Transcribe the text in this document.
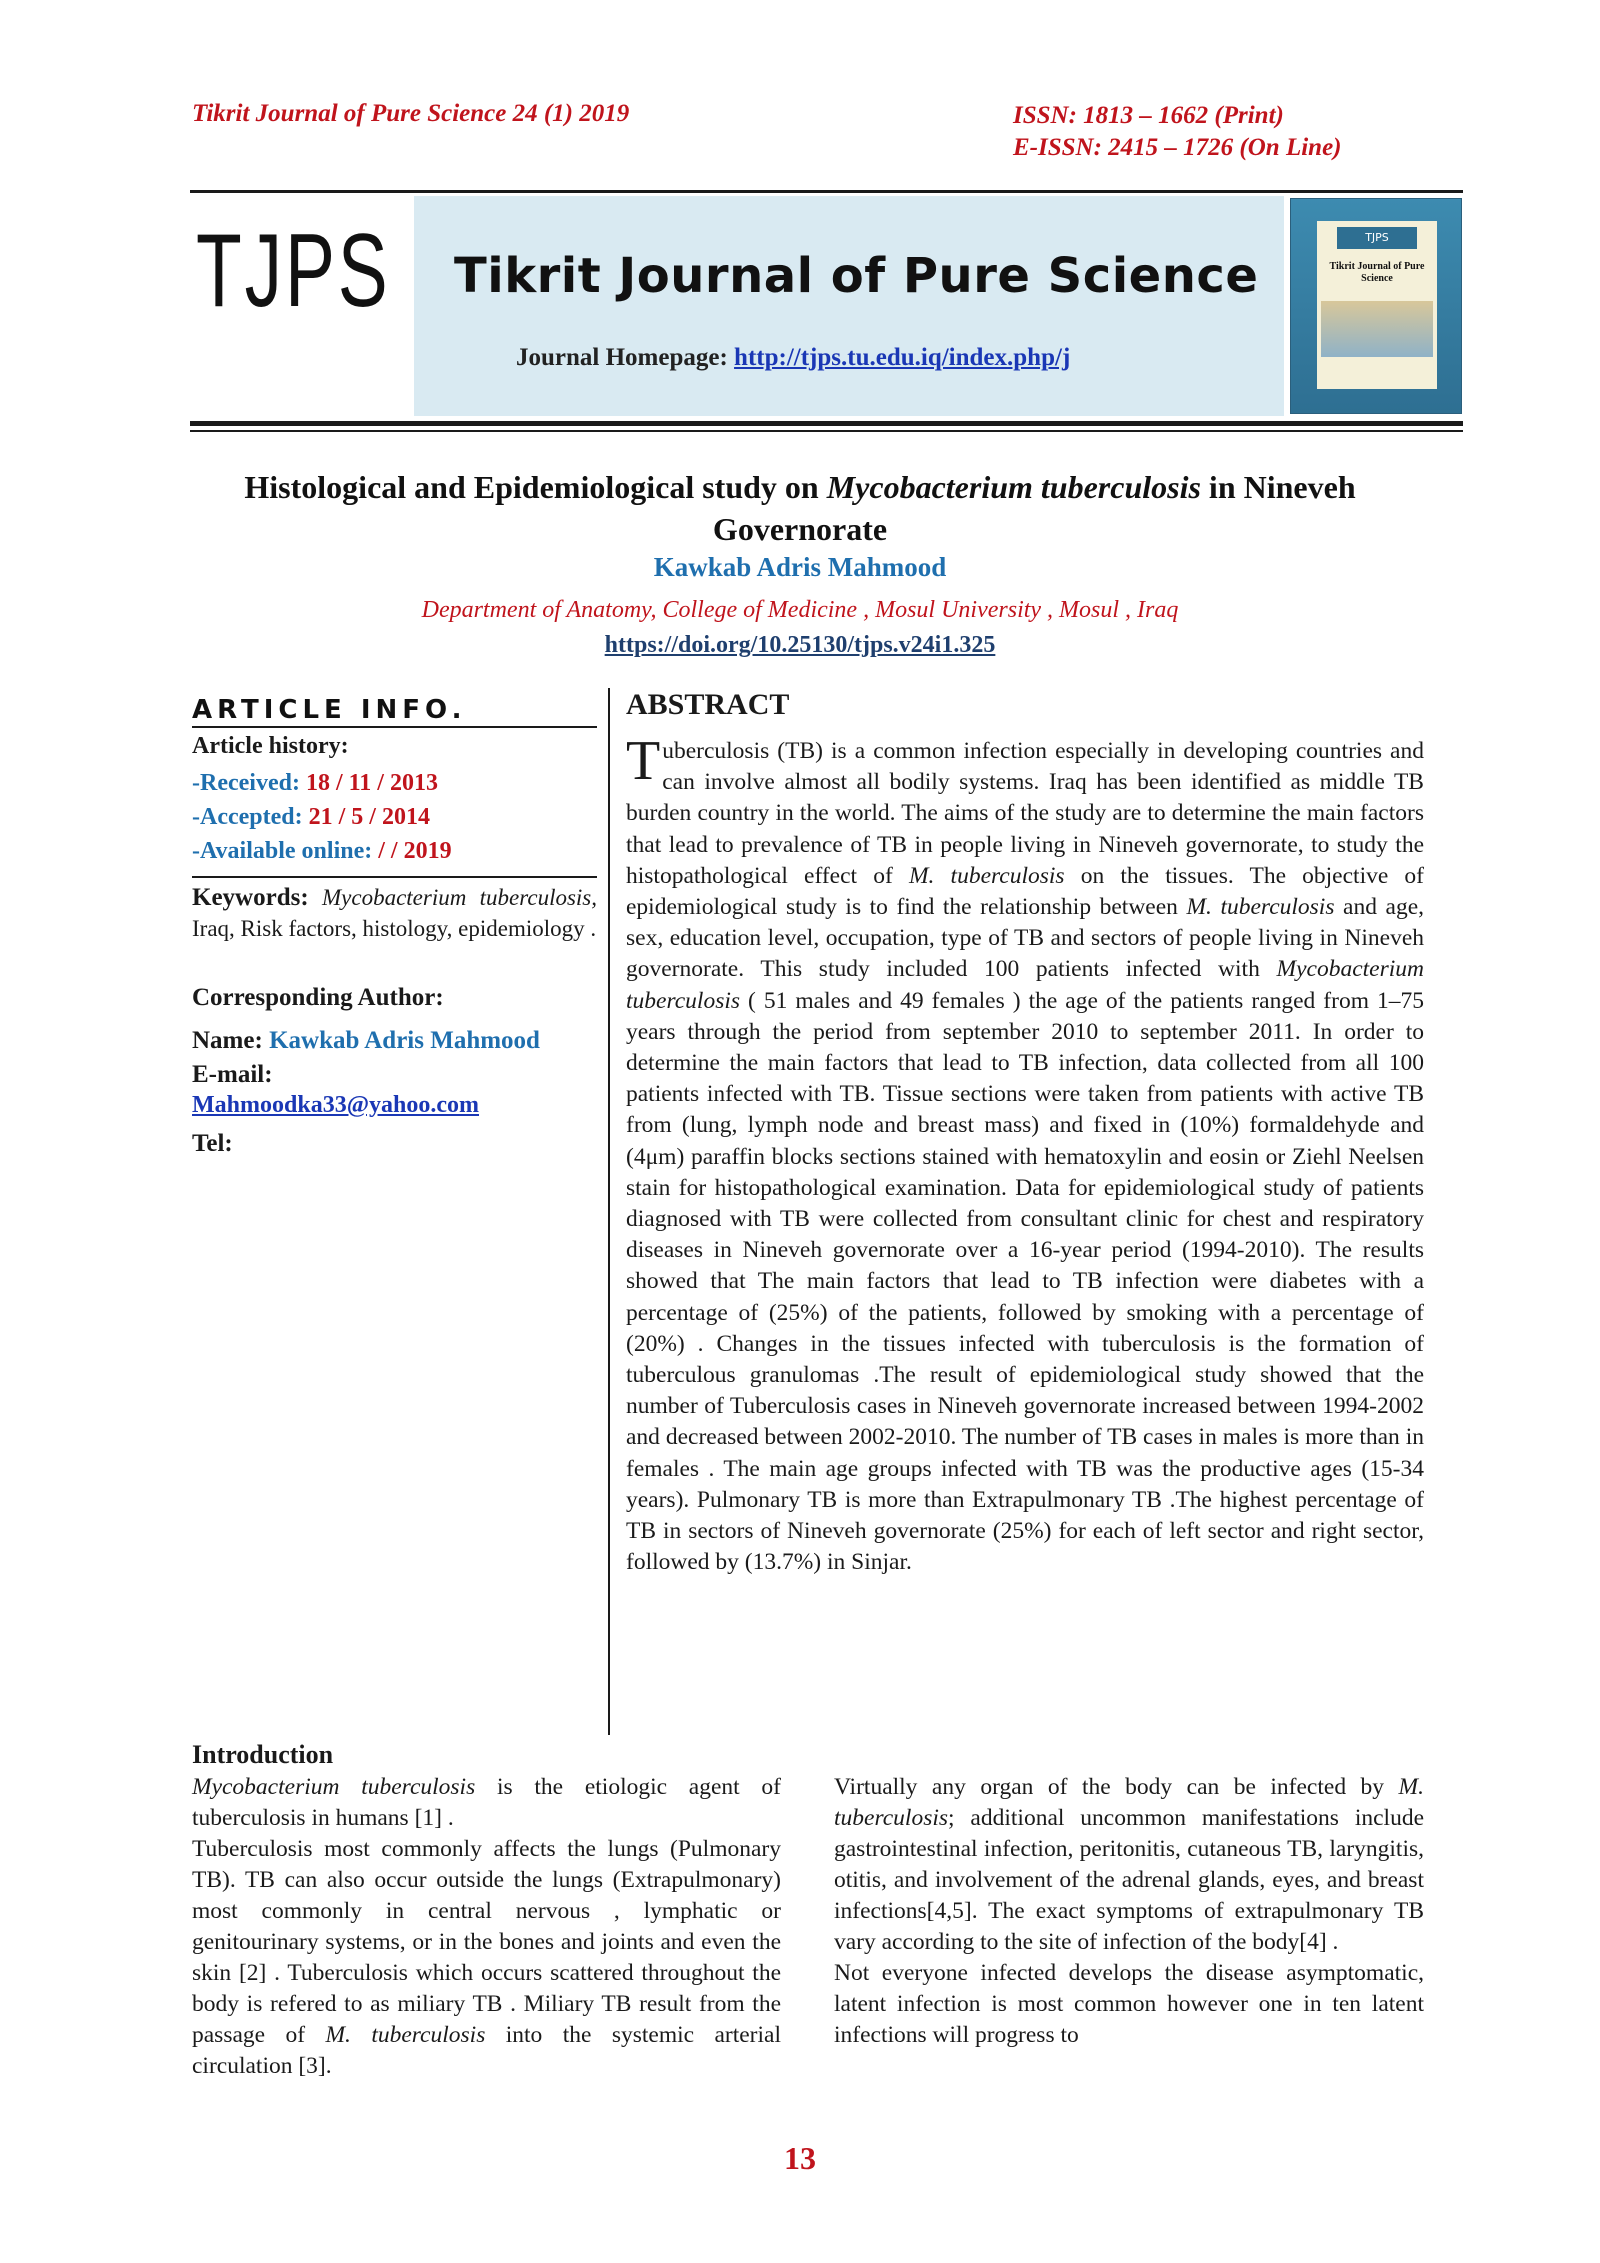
Tikrit Journal of Pure Science 24 (1) 2019	ISSN: 1813 – 1662 (Print)
E-ISSN: 2415 – 1726 (On Line)
TJPS Tikrit Journal of Pure Science
Journal Homepage: http://tjps.tu.edu.iq/index.php/j
TJPS
Tikrit Journal of Pure Science
Histological and Epidemiological study on Mycobacterium tuberculosis in Nineveh Governorate
Kawkab Adris Mahmood
Department of Anatomy, College of Medicine , Mosul University , Mosul , Iraq
https://doi.org/10.25130/tjps.v24i1.325
ARTICLE INFO.
Article history:
-Received: 18 / 11 / 2013
-Accepted: 21 / 5 / 2014
-Available online: / / 2019
Keywords: Mycobacterium tuberculosis, Iraq, Risk factors, histology, epidemiology .
Corresponding Author:
Name: Kawkab Adris Mahmood
E-mail:
Mahmoodka33@yahoo.com
Tel:
ABSTRACT
Tuberculosis (TB) is a common infection especially in developing countries and can involve almost all bodily systems. Iraq has been identified as middle TB burden country in the world. The aims of the study are to determine the main factors that lead to prevalence of TB in people living in Nineveh governorate, to study the histopathological effect of M. tuberculosis on the tissues. The objective of epidemiological study is to find the relationship between M. tuberculosis and age, sex, education level, occupation, type of TB and sectors of people living in Nineveh governorate. This study included 100 patients infected with Mycobacterium tuberculosis ( 51 males and 49 females ) the age of the patients ranged from 1–75 years through the period from september 2010 to september 2011. In order to determine the main factors that lead to TB infection, data collected from all 100 patients infected with TB. Tissue sections were taken from patients with active TB from (lung, lymph node and breast mass) and fixed in (10%) formaldehyde and (4μm) paraffin blocks sections stained with hematoxylin and eosin or Ziehl Neelsen stain for histopathological examination. Data for epidemiological study of patients diagnosed with TB were collected from consultant clinic for chest and respiratory diseases in Nineveh governorate over a 16-year period (1994-2010). The results showed that The main factors that lead to TB infection were diabetes with a percentage of (25%) of the patients, followed by smoking with a percentage of (20%) . Changes in the tissues infected with tuberculosis is the formation of tuberculous granulomas .The result of epidemiological study showed that the number of Tuberculosis cases in Nineveh governorate increased between 1994-2002 and decreased between 2002-2010. The number of TB cases in males is more than in females . The main age groups infected with TB was the productive ages (15-34 years). Pulmonary TB is more than Extrapulmonary TB .The highest percentage of TB in sectors of Nineveh governorate (25%) for each of left sector and right sector, followed by (13.7%) in Sinjar.
Introduction

Mycobacterium tuberculosis is the etiologic agent of tuberculosis in humans [1] .

Tuberculosis most commonly affects the lungs (Pulmonary TB). TB can also occur outside the lungs (Extrapulmonary) most commonly in central nervous , lymphatic or genitourinary systems, or in the bones and joints and even the skin [2] . Tuberculosis which occurs scattered throughout the body is refered to as miliary TB . Miliary TB result from the passage of M. tuberculosis into the systemic arterial circulation [3].

Virtually any organ of the body can be infected by M. tuberculosis; additional uncommon manifestations include gastrointestinal infection, peritonitis, cutaneous TB, laryngitis, otitis, and involvement of the adrenal glands, eyes, and breast infections[4,5]. The exact symptoms of extrapulmonary TB vary according to the site of infection of the body[4] .

Not everyone infected develops the disease asymptomatic, latent infection is most common however one in ten latent infections will progress to

13
